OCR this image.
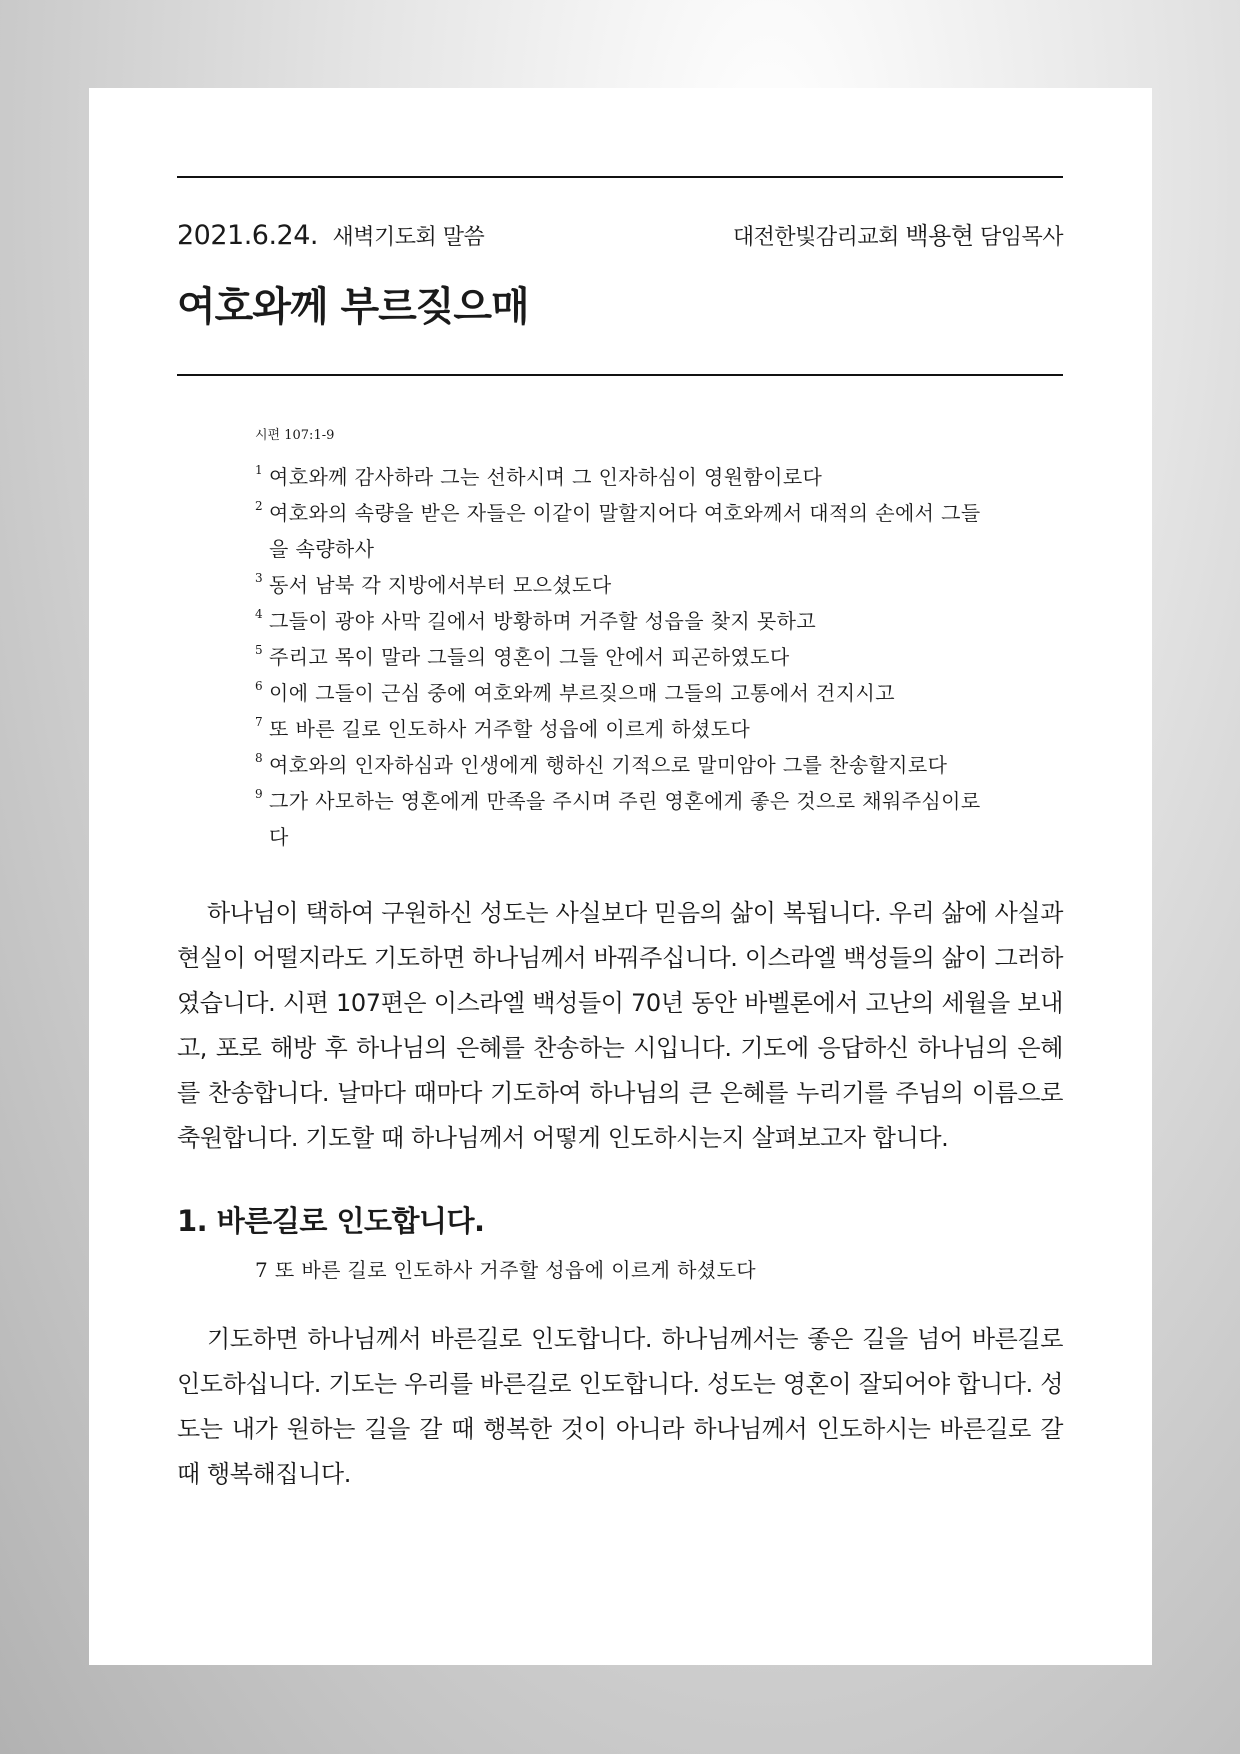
2021.6.24. 새벽기도회 말씀	대전한빛감리교회 백용현 담임목사
여호와께 부르짖으매
시편 107:1-9
1 여호와께 감사하라 그는 선하시며 그 인자하심이 영원함이로다
2 여호와의 속량을 받은 자들은 이같이 말할지어다 여호와께서 대적의 손에서 그들을 속량하사
3 동서 남북 각 지방에서부터 모으셨도다
4 그들이 광야 사막 길에서 방황하며 거주할 성읍을 찾지 못하고
5 주리고 목이 말라 그들의 영혼이 그들 안에서 피곤하였도다
6 이에 그들이 근심 중에 여호와께 부르짖으매 그들의 고통에서 건지시고
7 또 바른 길로 인도하사 거주할 성읍에 이르게 하셨도다
8 여호와의 인자하심과 인생에게 행하신 기적으로 말미암아 그를 찬송할지로다
9 그가 사모하는 영혼에게 만족을 주시며 주린 영혼에게 좋은 것으로 채워주심이로다

하나님이 택하여 구원하신 성도는 사실보다 믿음의 삶이 복됩니다. 우리 삶에 사실과 현실이 어떨지라도 기도하면 하나님께서 바꿔주십니다. 이스라엘 백성들의 삶이 그러하였습니다. 시편 107편은 이스라엘 백성들이 70년 동안 바벨론에서 고난의 세월을 보내고, 포로 해방 후 하나님의 은혜를 찬송하는 시입니다. 기도에 응답하신 하나님의 은혜를 찬송합니다. 날마다 때마다 기도하여 하나님의 큰 은혜를 누리기를 주님의 이름으로 축원합니다. 기도할 때 하나님께서 어떻게 인도하시는지 살펴보고자 합니다.

1. 바른길로 인도합니다.
7 또 바른 길로 인도하사 거주할 성읍에 이르게 하셨도다

기도하면 하나님께서 바른길로 인도합니다. 하나님께서는 좋은 길을 넘어 바른길로 인도하십니다. 기도는 우리를 바른길로 인도합니다. 성도는 영혼이 잘되어야 합니다. 성도는 내가 원하는 길을 갈 때 행복한 것이 아니라 하나님께서 인도하시는 바른길로 갈 때 행복해집니다.
